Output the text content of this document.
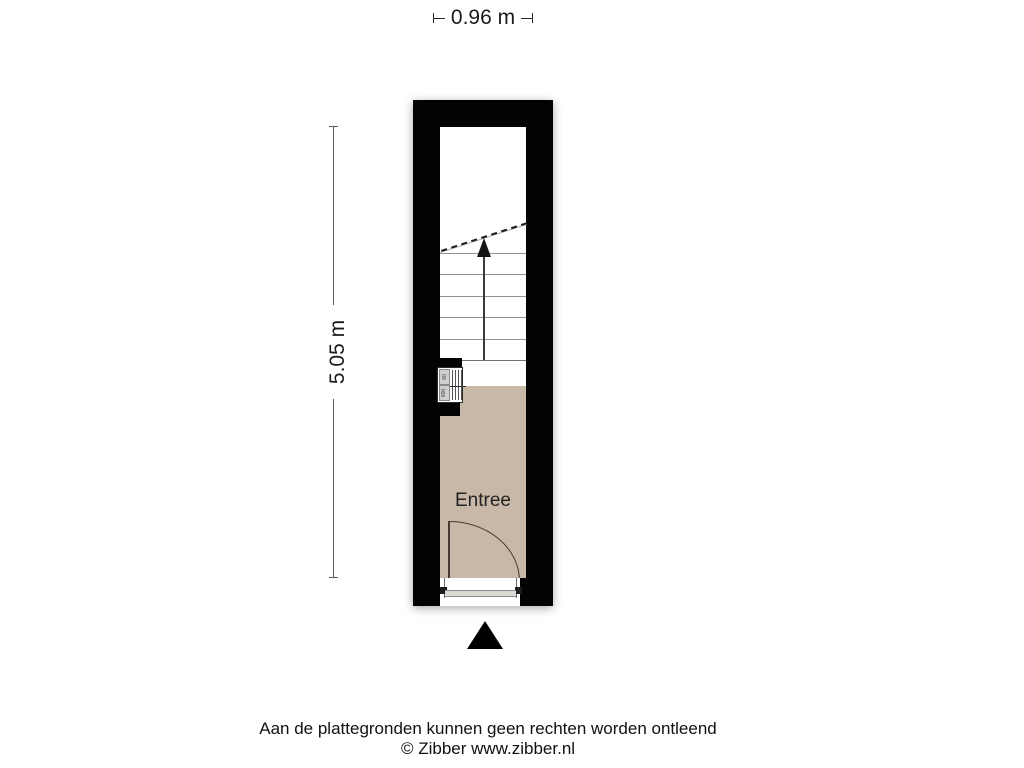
0.96 m
5.05 m	60
600
Entree
Aan de plattegronden kunnen geen rechten worden ontleend
© Zibber www.zibber.nl
